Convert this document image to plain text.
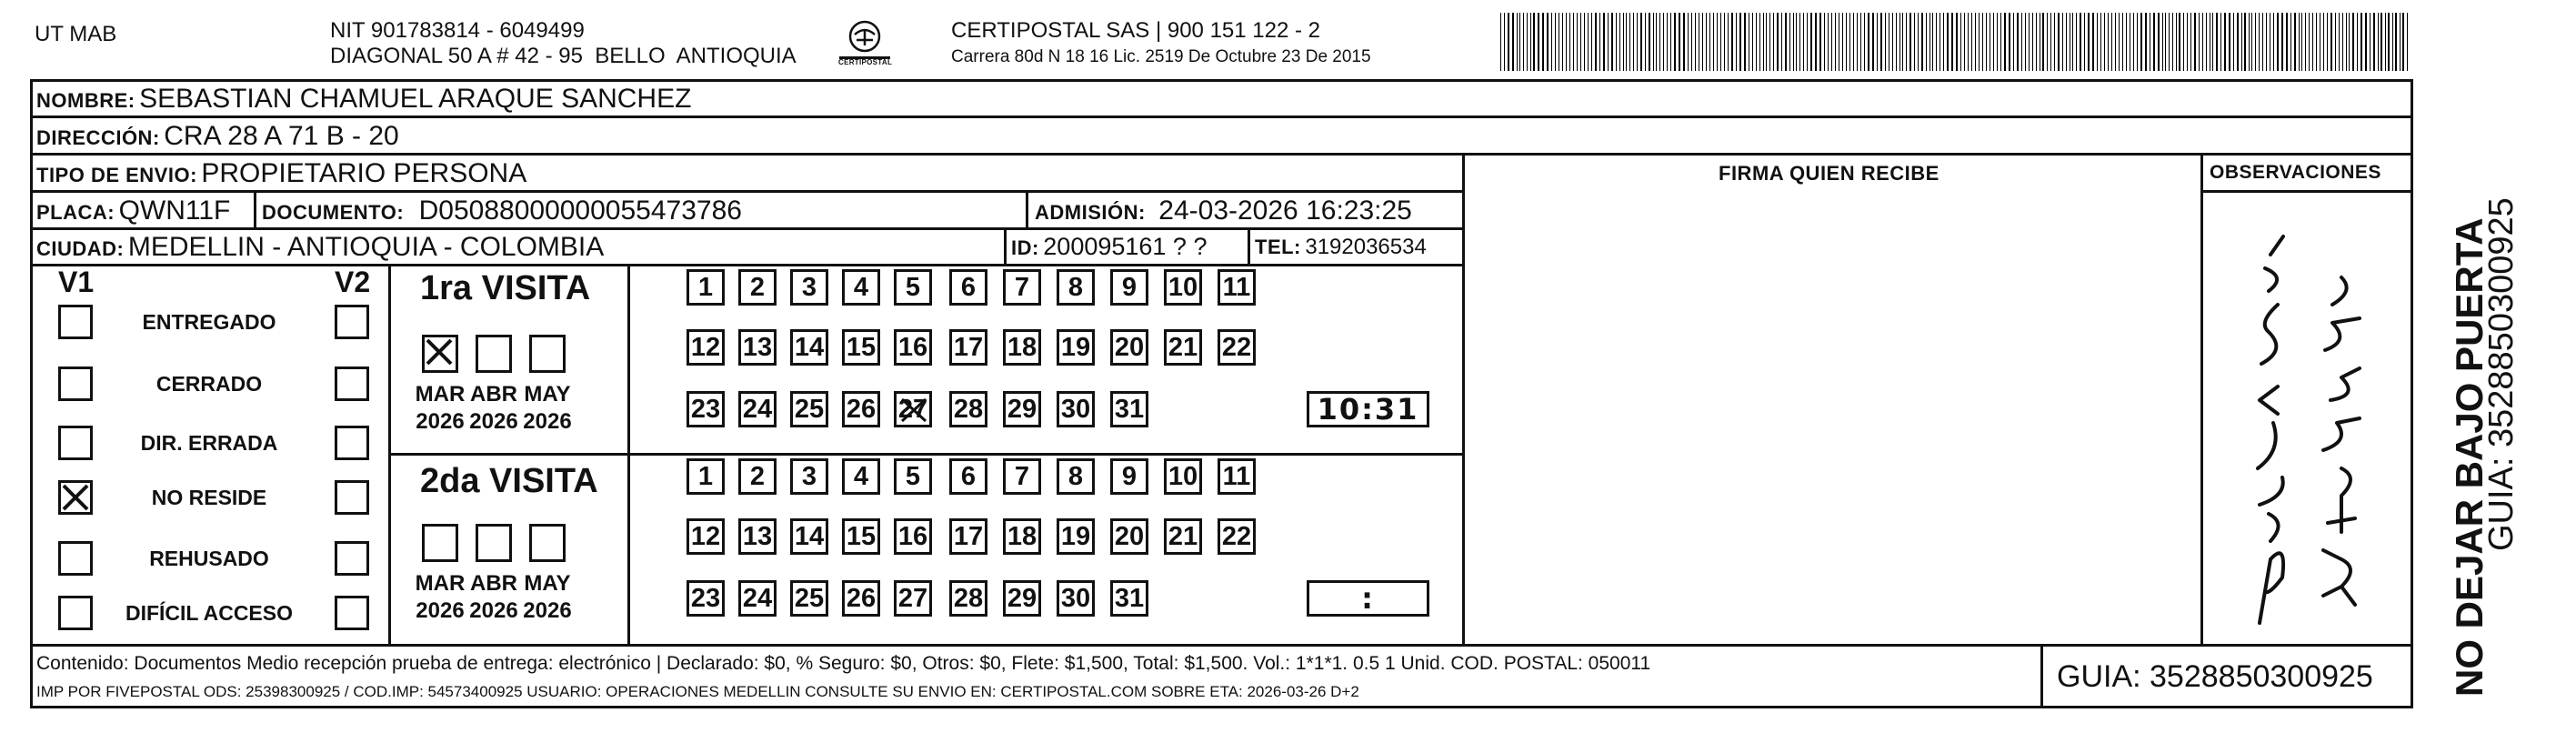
UT MAB	NIT 901783814 - 6049499
DIAGONAL 50 A # 42 - 95  BELLO  ANTIOQUIA	CERTIPOSTAL
CERTIPOSTAL SAS | 900 151 122 - 2
Carrera 80d N 18 16 Lic. 2519 De Octubre 23 De 2015
NO DEJAR BAJO PUERTA
GUIA: 3528850300925
NOMBRE: SEBASTIAN CHAMUEL ARAQUE SANCHEZ
DIRECCIÓN: CRA 28 A 71 B - 20
TIPO DE ENVIO: PROPIETARIO PERSONA	FIRMA QUIEN RECIBE	OBSERVACIONES
PLACA: QWN11F DOCUMENTO: D05088000000055473786	ADMISIÓN: 24-03-2026 16:23:25
CIUDAD: MEDELLIN - ANTIOQUIA - COLOMBIA	ID: 200095161 ? ? TEL: 3192036534
V1	V2
ENTREGADO
CERRADO
DIR. ERRADA
NO RESIDE
REHUSADO
DIFÍCIL ACCESO
1ra VISITA
2da VISITA
MAR
2026
ABR
2026
MAY
2026
1	2	3	4	5	6	7	8	9	10 11
12 13 14 15 16 17 18 19 20 21 22
23 24 25 26 27 28 29 30 31	10:31
MAR
2026
ABR
2026
MAY
2026
1	2	3	4	5	6	7	8	9	10 11
12 13 14 15 16 17 18 19 20 21 22
23 24 25 26 27 28 29 30 31	:
Contenido: Documentos Medio recepción prueba de entrega: electrónico | Declarado: $0, % Seguro: $0, Otros: $0, Flete: $1,500, Total: $1,500. Vol.: 1*1*1. 0.5 1 Unid. COD. POSTAL: 050011
IMP POR FIVEPOSTAL ODS: 25398300925 / COD.IMP: 54573400925 USUARIO: OPERACIONES MEDELLIN CONSULTE SU ENVIO EN: CERTIPOSTAL.COM SOBRE ETA: 2026-03-26 D+2	GUIA: 3528850300925
